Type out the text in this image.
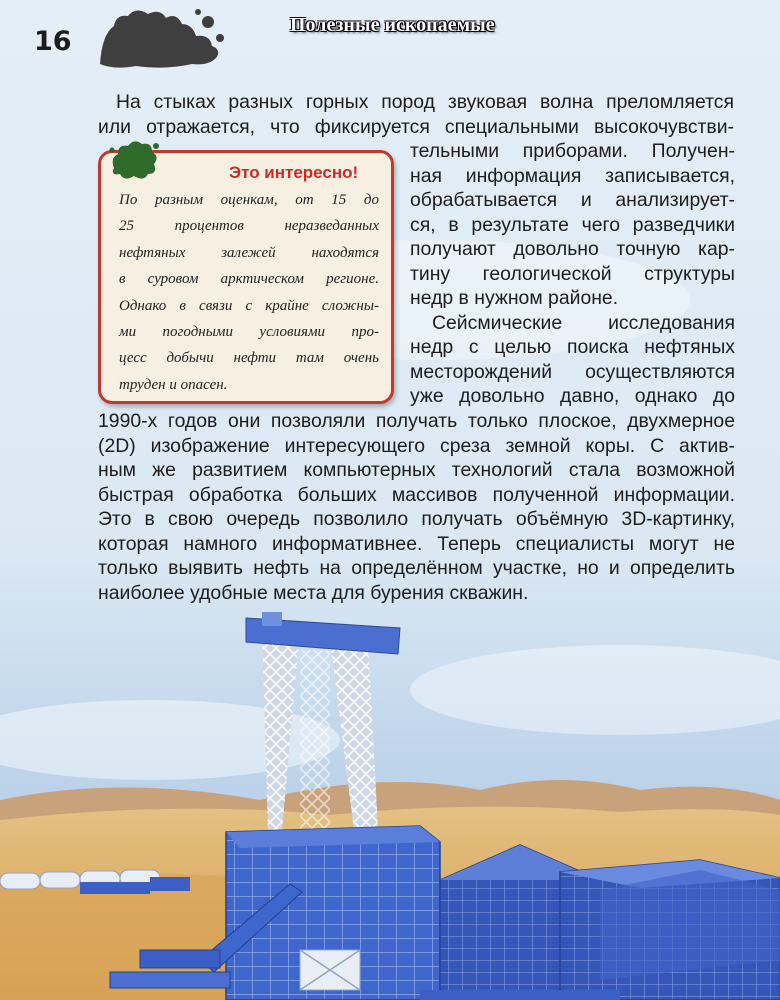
16
Полезные ископаемые
На стыках разных горных пород звуковая волна преломляется
или отражается, что фиксируется специальными высокочувстви-
тельными приборами. Получен-
ная информация записывается,
обрабатывается и анализирует-
ся, в результате чего разведчики
получают довольно точную кар-
тину геологической структуры
недр в нужном районе.
Сейсмические исследования
недр с целью поиска нефтяных
месторождений осуществляются
уже довольно давно, однако до
1990-х годов они позволяли получать только плоское, двухмерное
(2D) изображение интересующего среза земной коры. С актив-
ным же развитием компьютерных технологий стала возможной
быстрая обработка больших массивов полученной информации.
Это в свою очередь позволило получать объёмную 3D-картинку,
которая намного информативнее. Теперь специалисты могут не
только выявить нефть на определённом участке, но и определить
наиболее удобные места для бурения скважин.
Это интересно!
По разным оценкам, от 15 до
25 процентов неразведанных
нефтяных залежей находятся
в суровом арктическом регионе.
Однако в связи с крайне сложны-
ми погодными условиями про-
цесс добычи нефти там очень
труден и опасен.
